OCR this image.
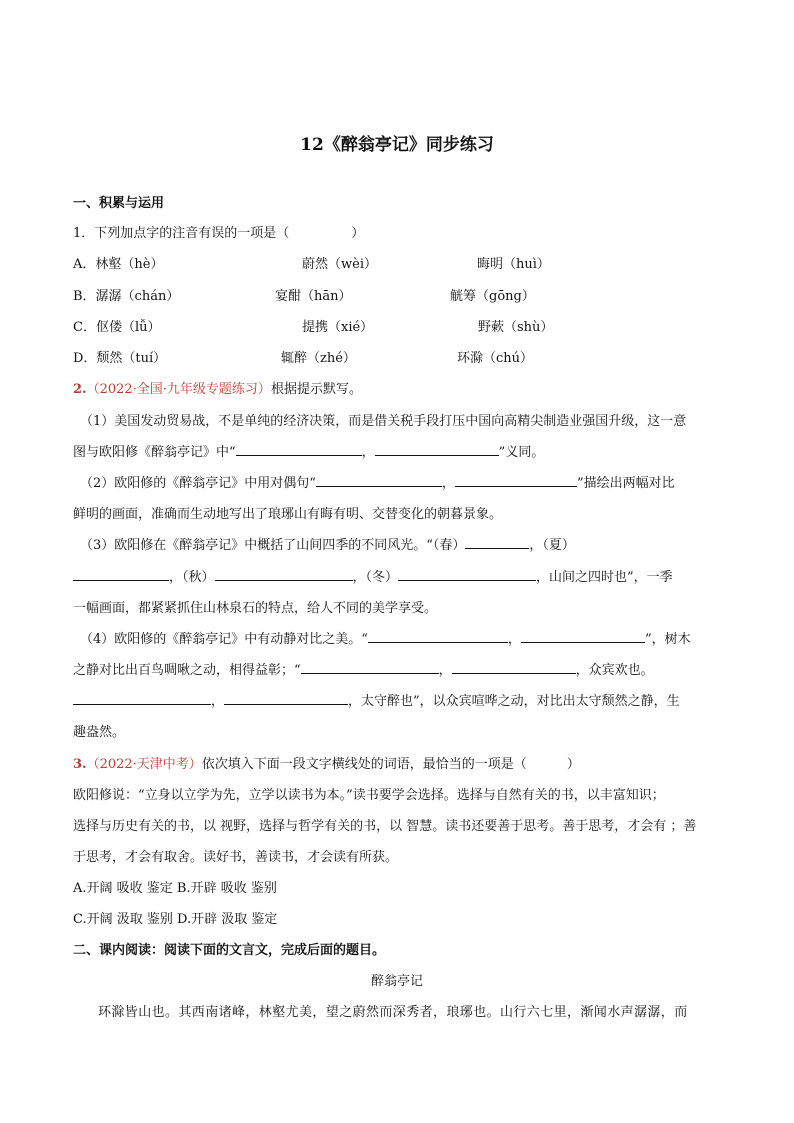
12《醉翁亭记》同步练习
一、积累与运用
1．下列加点字的注音有误的一项是（	）
A．林壑（hè）	蔚然（wèi）	晦明（huì）
B．潺潺（chán）	宴酣（hān）	觥筹（gōng）
C．伛偻（lǚ）	提携（xié）	野蔌（shù）
D．颓然（tuí）	辄醉（zhé）	环滁（chú）
2.（2022·全国·九年级专题练习）根据提示默写。
（1）美国发动贸易战，不是单纯的经济决策，而是借关税手段打压中国向高精尖制造业强国升级，这一意
图与欧阳修《醉翁亭记》中“	，	”义同。
（2）欧阳修的《醉翁亭记》中用对偶句“	，	”描绘出两幅对比
鲜明的画面，准确而生动地写出了琅琊山有晦有明、交替变化的朝暮景象。
（3）欧阳修在《醉翁亭记》中概括了山间四季的不同风光。“（春）	，（夏）
，（秋）	，（冬）	，山间之四时也”，一季
一幅画面，都紧紧抓住山林泉石的特点，给人不同的美学享受。
（4）欧阳修的《醉翁亭记》中有动静对比之美。“	，	”，树木
之静对比出百鸟啁啾之动，相得益彰；“	，	，众宾欢也。
，	，太守醉也”，以众宾喧哗之动，对比出太守颓然之静，生
趣盎然。
3.（2022·天津中考）依次填入下面一段文字横线处的词语，最恰当的一项是（	）
欧阳修说：“立身以立学为先，立学以读书为本。”读书要学会选择。选择与自然有关的书，以丰富知识；
选择与历史有关的书，以 视野，选择与哲学有关的书，以 智慧。读书还要善于思考。善于思考，才会有 ；善
于思考，才会有取舍。读好书，善读书，才会读有所获。
A.开阔 吸收 鉴定 B.开辟 吸收 鉴别
C.开阔 汲取 鉴别 D.开辟 汲取 鉴定
二、课内阅读：阅读下面的文言文，完成后面的题目。
醉翁亭记
环滁皆山也。其西南诸峰，林壑尤美，望之蔚然而深秀者，琅琊也。山行六七里，渐闻水声潺潺，而
